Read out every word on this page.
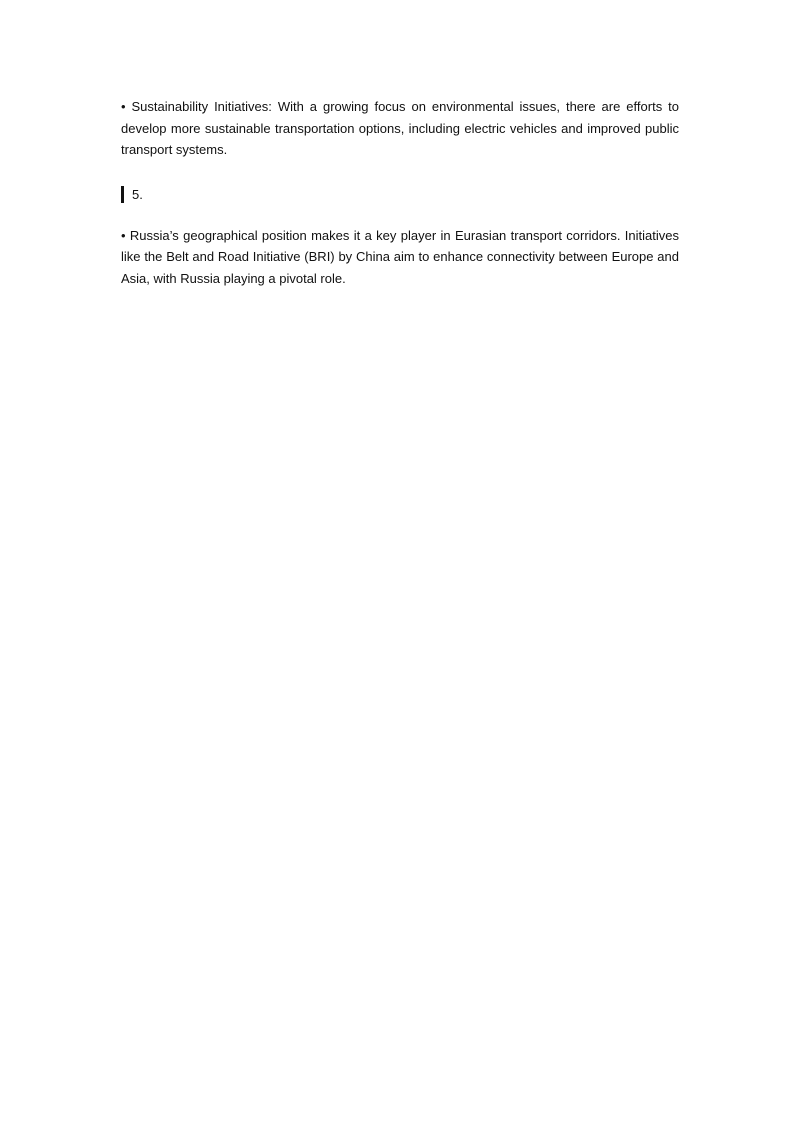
• Sustainability Initiatives: With a growing focus on environmental issues, there are efforts to develop more sustainable transportation options, including electric vehicles and improved public transport systems.

5.

• Russia’s geographical position makes it a key player in Eurasian transport corridors. Initiatives like the Belt and Road Initiative (BRI) by China aim to enhance connectivity between Europe and Asia, with Russia playing a pivotal role.
